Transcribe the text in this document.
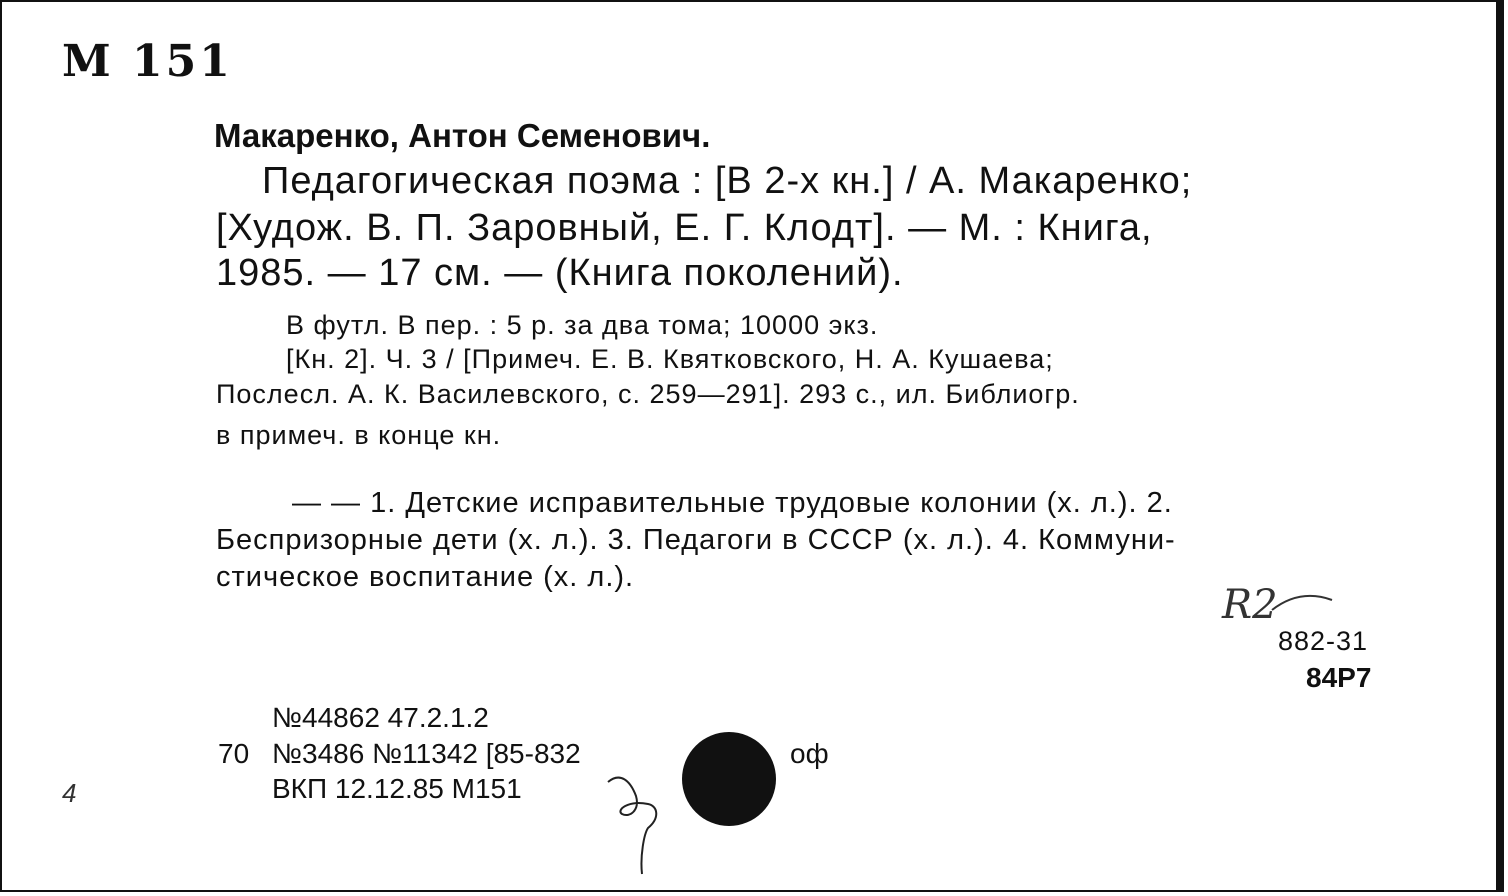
М 151
Макаренко, Антон Семенович.
Педагогическая поэма : [В 2-х кн.] / А. Макаренко;
[Худож. В. П. Заровный, Е. Г. Клодт]. — М. : Книга,
1985. — 17 см. — (Книга поколений).
В футл. В пер. : 5 р. за два тома; 10000 экз.
[Кн. 2]. Ч. 3 / [Примеч. Е. В. Квятковского, Н. А. Кушаева;
Послесл. А. К. Василевского, с. 259—291]. 293 с., ил. Библиогр.
в примеч. в конце кн.
— — 1. Детские исправительные трудовые колонии (х. л.). 2.
Беспризорные дети (х. л.). 3. Педагоги в СССР (х. л.). 4. Коммуни-
стическое воспитание (х. л.).
R2
882-31
84Р7
№44862 47.2.1.2
70 №3486 №11342 [85-832	оф
ВКП 12.12.85 М151
4
